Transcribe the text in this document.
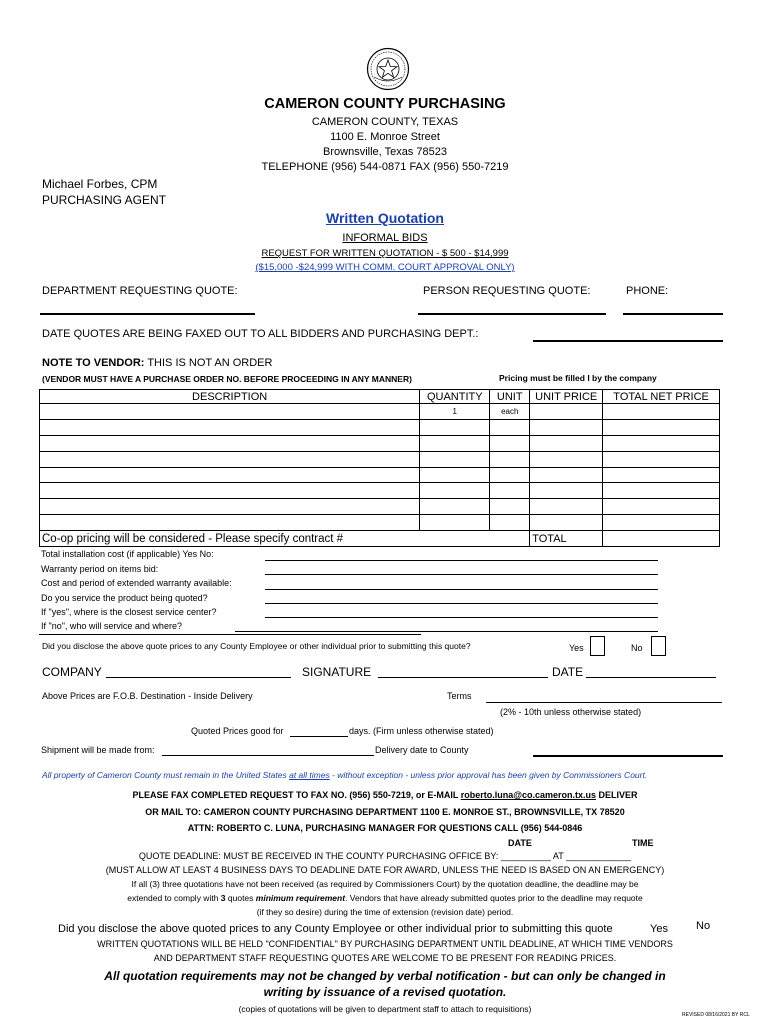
CAMERON COUNTY PURCHASING
CAMERON COUNTY, TEXAS
1100 E. Monroe Street
Brownsville, Texas 78523
TELEPHONE (956) 544-0871 FAX (956) 550-7219
Michael Forbes, CPM
PURCHASING AGENT
Written Quotation
INFORMAL BIDS
REQUEST FOR WRITTEN QUOTATION - $ 500 - $14,999
($15,000 -$24,999 WITH COMM. COURT APPROVAL ONLY)
DEPARTMENT REQUESTING QUOTE:	PERSON REQUESTING QUOTE:	PHONE:
DATE QUOTES ARE BEING FAXED OUT TO ALL BIDDERS AND PURCHASING DEPT.:
NOTE TO VENDOR: THIS IS NOT AN ORDER
(VENDOR MUST HAVE A PURCHASE ORDER NO. BEFORE PROCEEDING IN ANY MANNER)	Pricing must be filled I by the company
DESCRIPTION	QUANTITY	UNIT	UNIT PRICE	TOTAL NET PRICE
	1	each		

Co-op pricing will be considered - Please specify contract #			TOTAL	
Total installation cost (if applicable) Yes No:
Warranty period on items bid:
Cost and period of extended warranty available:
Do you service the product being quoted?
If "yes", where is the closest service center?
If "no", who will service and where?
Did you disclose the above quote prices to any County Employee or other individual prior to submitting this quote?	Yes	No
COMPANY	SIGNATURE	DATE
Above Prices are F.O.B. Destination - Inside Delivery	Terms
(2% - 10th unless otherwise stated)
Quoted Prices good for	days. (Firm unless otherwise stated)
Shipment will be made from:	Delivery date to County
All property of Cameron County must remain in the United States at all times - without exception - unless prior approval has been given by Commissioners Court.
PLEASE FAX COMPLETED REQUEST TO FAX NO. (956) 550-7219, or E-MAIL roberto.luna@co.cameron.tx.us DELIVER
OR MAIL TO: CAMERON COUNTY PURCHASING DEPARTMENT 1100 E. MONROE ST., BROWNSVILLE, TX 78520
ATTN: ROBERTO C. LUNA, PURCHASING MANAGER FOR QUESTIONS CALL (956) 544-0846
DATE	TIME
QUOTE DEADLINE: MUST BE RECEIVED IN THE COUNTY PURCHASING OFFICE BY: __________ AT _____________
(MUST ALLOW AT LEAST 4 BUSINESS DAYS TO DEADLINE DATE FOR AWARD, UNLESS THE NEED IS BASED ON AN EMERGENCY)
If all (3) three quotations have not been received (as required by Commissioners Court) by the quotation deadline, the deadline may be
extended to comply with 3 quotes minimum requirement. Vendors that have already submitted quotes prior to the deadline may requote
(if they so desire) during the time of extension (revision date) period.
Did you disclose the above quoted prices to any County Employee or other individual prior to submitting this quote	Yes	No
WRITTEN QUOTATIONS WILL BE HELD "CONFIDENTIAL" BY PURCHASING DEPARTMENT UNTIL DEADLINE, AT WHICH TIME VENDORS
AND DEPARTMENT STAFF REQUESTING QUOTES ARE WELCOME TO BE PRESENT FOR READING PRICES.
All quotation requirements may not be changed by verbal notification - but can only be changed in
writing by issuance of a revised quotation.
(copies of quotations will be given to department staff to attach to requisitions)
REVISED 08/16/2021 BY RCL
